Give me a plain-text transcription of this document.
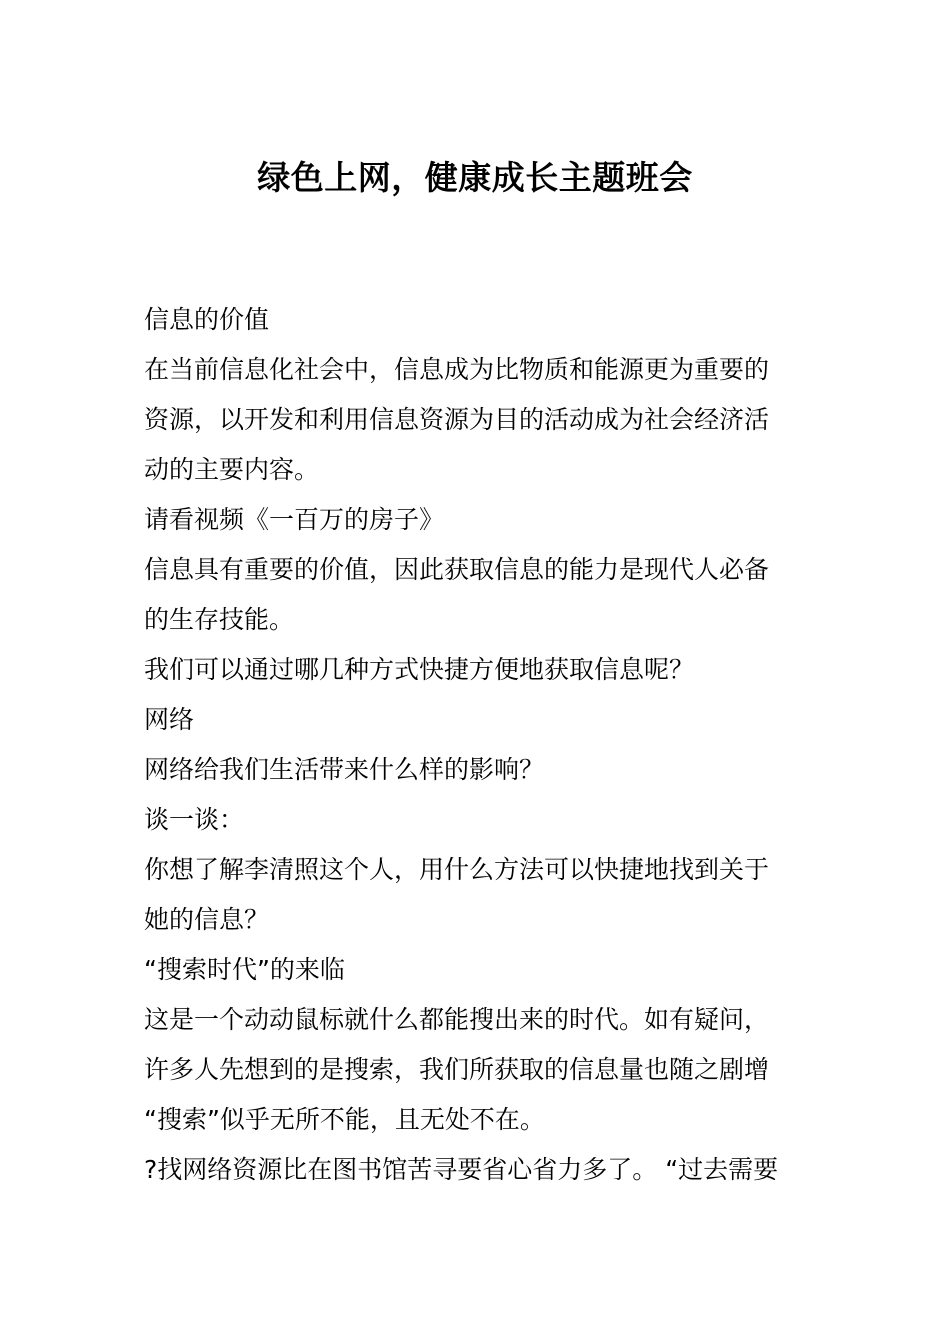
绿色上网，健康成长主题班会
信息的价值
在当前信息化社会中，信息成为比物质和能源更为重要的
资源，以开发和利用信息资源为目的活动成为社会经济活
动的主要内容。
请看视频《一百万的房子》
信息具有重要的价值，因此获取信息的能力是现代人必备
的生存技能。
我们可以通过哪几种方式快捷方便地获取信息呢？
网络
网络给我们生活带来什么样的影响？
谈一谈：
你想了解李清照这个人，用什么方法可以快捷地找到关于
她的信息？
“搜索时代”的来临
这是一个动动鼠标就什么都能搜出来的时代。如有疑问，
许多人先想到的是搜索，我们所获取的信息量也随之剧增
“搜索”似乎无所不能，且无处不在。
?找网络资源比在图书馆苦寻要省心省力多了。 “过去需要
